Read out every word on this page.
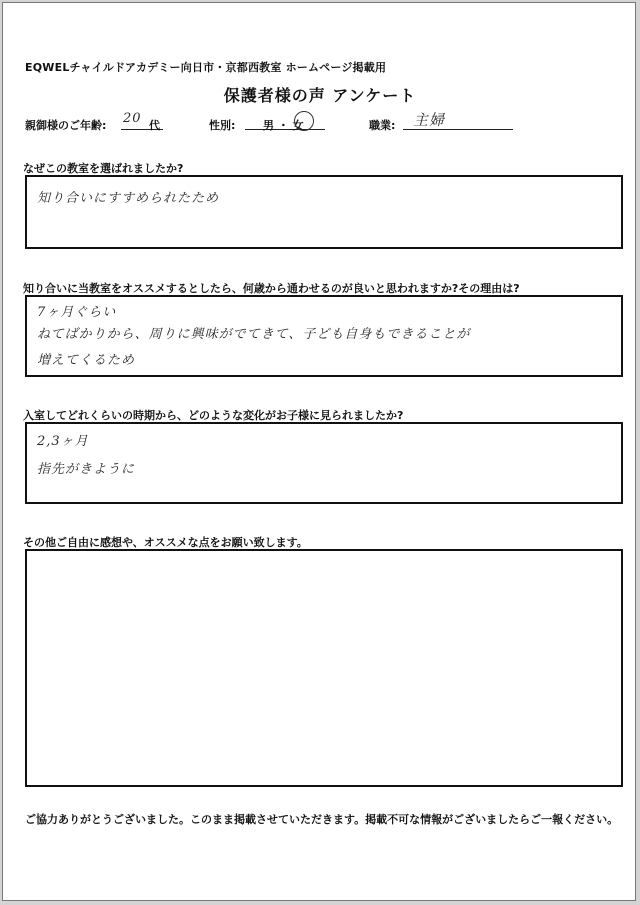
EQWELチャイルドアカデミー向日市・京都西教室 ホームページ掲載用
保護者様の声 アンケート
親御様のご年齢: 20 代	性別:	男 ・ 女	職業: 主婦
なぜこの教室を選ばれましたか?
知り合いにすすめられたため
知り合いに当教室をオススメするとしたら、何歳から通わせるのが良いと思われますか?その理由は?
7ヶ月ぐらい
ねてばかりから、周りに興味がでてきて、子ども自身もできることが
増えてくるため
入室してどれくらいの時期から、どのような変化がお子様に見られましたか?
2,3ヶ月
指先がきように
その他ご自由に感想や、オススメな点をお願い致します。
ご協力ありがとうございました。このまま掲載させていただきます。掲載不可な情報がございましたらご一報ください。
